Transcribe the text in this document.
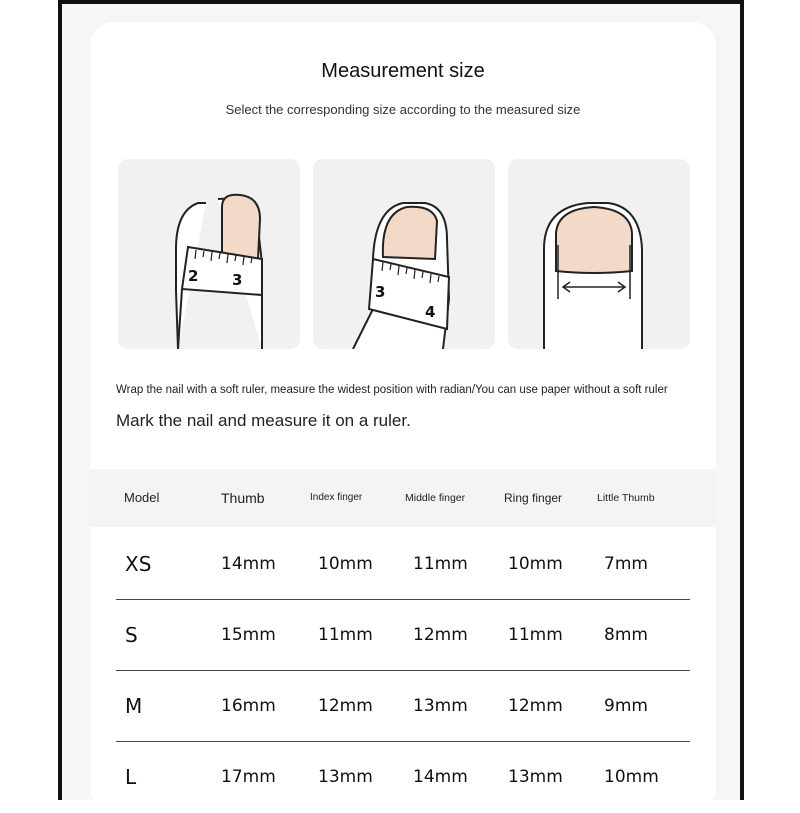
Measurement size
Select the corresponding size according to the measured size
2 3
3
4
Wrap the nail with a soft ruler, measure the widest position with radian/You can use paper without a soft ruler
Mark the nail and measure it on a ruler.
Model	Thumb	Index finger	Middle finger	Ring finger	Little Thumb
XS	14mm 10mm 11mm 10mm 7mm
S	15mm 11mm 12mm 11mm 8mm
M	16mm 12mm 13mm 12mm 9mm
L	17mm 13mm 14mm 13mm 10mm
